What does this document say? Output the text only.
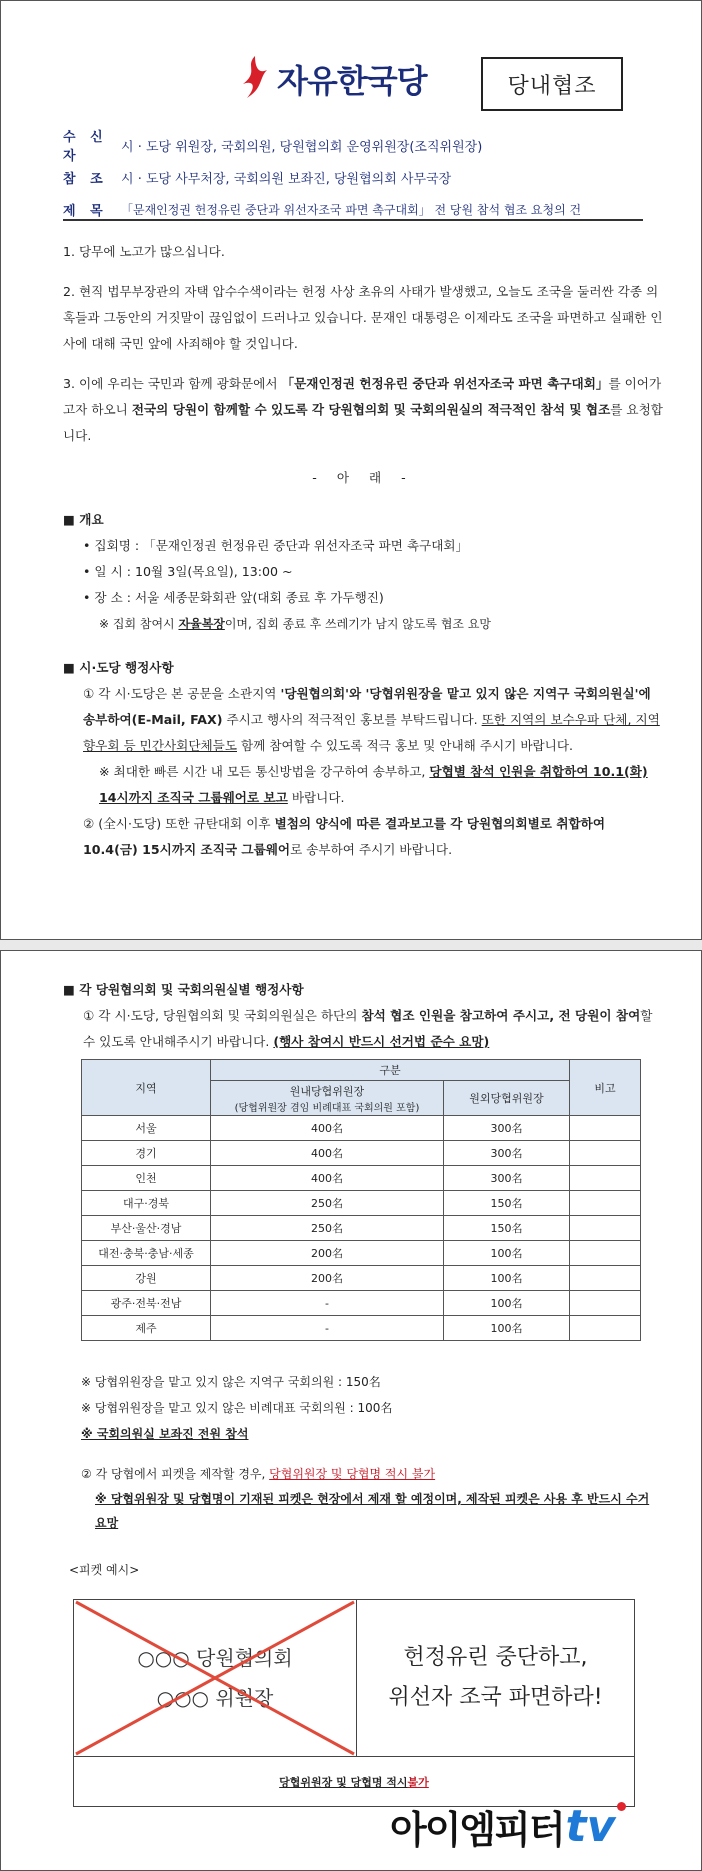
자유한국당	당내협조
수 신 자
시 · 도당 위원장, 국회의원, 당원협의회 운영위원장(조직위원장)
참 조	시 · 도당 사무처장, 국회의원 보좌진, 당원협의회 사무국장
제 목	「문재인정권 헌정유린 중단과 위선자조국 파면 촉구대회」 전 당원 참석 협조 요청의 건

1. 당무에 노고가 많으십니다.

2. 현직 법무부장관의 자택 압수수색이라는 헌정 사상 초유의 사태가 발생했고, 오늘도 조국을 둘러싼 각종 의혹들과 그동안의 거짓말이 끊임없이 드러나고 있습니다. 문재인 대통령은 이제라도 조국을 파면하고 실패한 인사에 대해 국민 앞에 사죄해야 할 것입니다.

3. 이에 우리는 국민과 함께 광화문에서 「문재인정권 헌정유린 중단과 위선자조국 파면 촉구대회」를 이어가고자 하오니 전국의 당원이 함께할 수 있도록 각 당원협의회 및 국회의원실의 적극적인 참석 및 협조를 요청합니다.

- 아 래 -

■ 개요

• 집회명 : 「문재인정권 헌정유린 중단과 위선자조국 파면 촉구대회」

• 일 시 : 10월 3일(목요일), 13:00 ~

• 장 소 : 서울 세종문화회관 앞(대회 종료 후 가두행진)

※ 집회 참여시 자율복장이며, 집회 종료 후 쓰레기가 남지 않도록 협조 요망

■ 시·도당 행정사항

① 각 시·도당은 본 공문을 소관지역 '당원협의회'와 '당협위원장을 맡고 있지 않은 지역구 국회의원실'에 송부하여(E-Mail, FAX) 주시고 행사의 적극적인 홍보를 부탁드립니다. 또한 지역의 보수우파 단체, 지역 향우회 등 민간사회단체들도 함께 참여할 수 있도록 적극 홍보 및 안내해 주시기 바랍니다.

※ 최대한 빠른 시간 내 모든 통신방법을 강구하여 송부하고, 당협별 참석 인원을 취합하여 10.1(화) 14시까지 조직국 그룹웨어로 보고 바랍니다.

② (全시·도당) 또한 규탄대회 이후 별첨의 양식에 따른 결과보고를 각 당원협의회별로 취합하여 10.4(금) 15시까지 조직국 그룹웨어로 송부하여 주시기 바랍니다.

■ 각 당원협의회 및 국회의원실별 행정사항

① 각 시·도당, 당원협의회 및 국회의원실은 하단의 참석 협조 인원을 참고하여 주시고, 전 당원이 참여할 수 있도록 안내해주시기 바랍니다. (행사 참여시 반드시 선거법 준수 요망)

지역	구분		비고
	원내당협위원장
(당협위원장 겸임 비례대표 국회의원 포함)	원외당협위원장	
서울	400名	300名	
경기	400名	300名	
인천	400名	300名	
대구·경북	250名	150名	
부산·울산·경남	250名	150名	
대전·충북·충남·세종	200名	100名	
강원	200名	100名	
광주·전북·전남	-	100名	
제주	-	100名	

※ 당협위원장을 맡고 있지 않은 지역구 국회의원 : 150名

※ 당협위원장을 맡고 있지 않은 비례대표 국회의원 : 100名

※ 국회의원실 보좌진 전원 참석

② 각 당협에서 피켓을 제작할 경우, 당협위원장 및 당협명 적시 불가

※ 당협위원장 및 당협명이 기재된 피켓은 현장에서 제재 할 예정이며, 제작된 피켓은 사용 후 반드시 수거 요망

<피켓 예시>

○○○ 당원협의회
○○○ 위원장
헌정유린 중단하고,
위선자 조국 파면하라!
당협위원장 및 당협명 적시 불가
아이엠피터 tv
